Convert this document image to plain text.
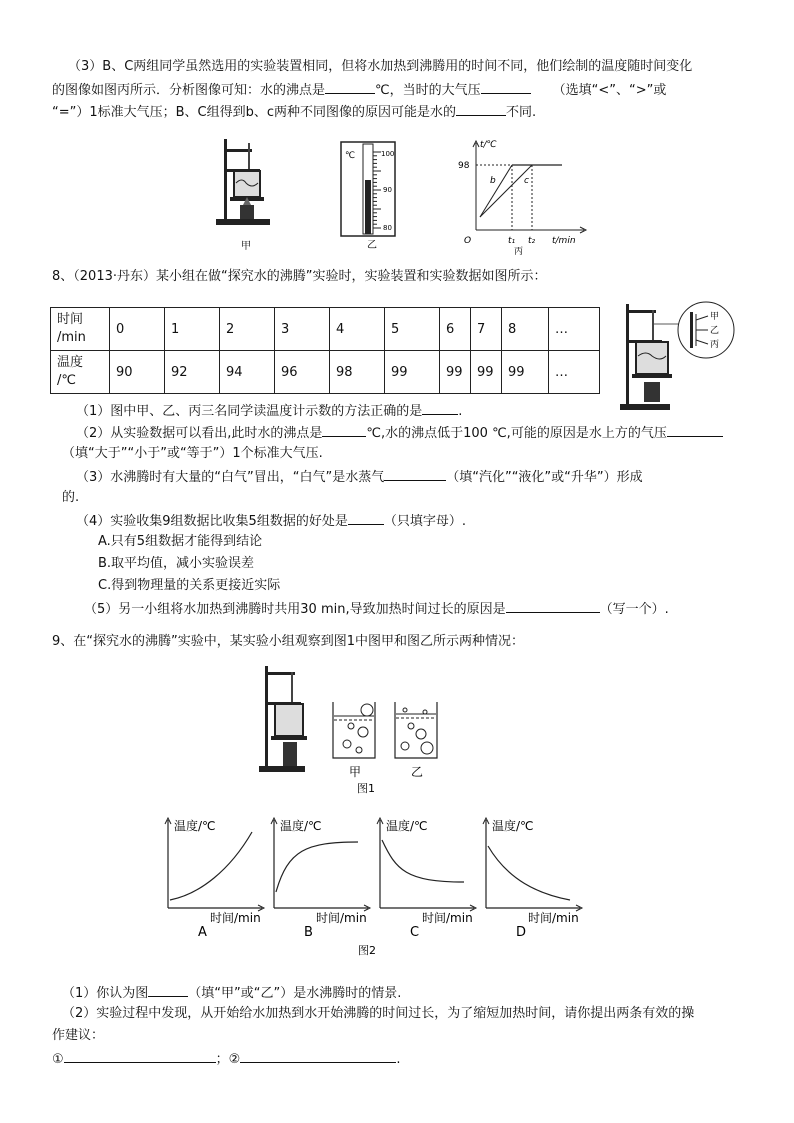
（3）B、C两组同学虽然选用的实验装置相同，但将水加热到沸腾用的时间不同，他们绘制的温度随时间变化
的图像如图丙所示．分析图像可知：水的沸点是	℃，当时的大气压	（选填“<”、“>”或
“=”）1标准大气压；B、C组得到b、c两种不同图像的原因可能是水的	不同.
甲
℃	100
90
80
乙
t/℃
98
b	c
O	t₁ t₂ t/min
丙
8、（2013·丹东）某小组在做“探究水的沸腾”实验时，实验装置和实验数据如图所示：
时间
/min	0	1	2	3	4	5	6	7	8	…
温度
/℃	90	92	94	96	98	99	99	99	99	…
甲
乙
丙
（1）图中甲、乙、丙三名同学读温度计示数的方法正确的是	.
（2）从实验数据可以看出,此时水的沸点是	℃,水的沸点低于100 ℃,可能的原因是水上方的气压
（填“大于”“小于”或“等于”）1个标准大气压.
（3）水沸腾时有大量的“白气”冒出，“白气”是水蒸气	（填“汽化”“液化”或“升华”）形成
的.
（4）实验收集9组数据比收集5组数据的好处是	（只填字母）.
A.只有5组数据才能得到结论
B.取平均值，减小实验误差
C.得到物理量的关系更接近实际
（5）另一小组将水加热到沸腾时共用30 min,导致加热时间过长的原因是	（写一个）.
9、在“探究水的沸腾”实验中，某实验小组观察到图1中图甲和图乙所示两种情况：
甲	乙
图1
温度/℃
时间/min
A
温度/℃
时间/min
B
温度/℃
时间/min
C
温度/℃
时间/min
D
图2
（1）你认为图	（填“甲”或“乙”）是水沸腾时的情景.
（2）实验过程中发现，从开始给水加热到水开始沸腾的时间过长，为了缩短加热时间，请你提出两条有效的操
作建议：
①	；②	.
